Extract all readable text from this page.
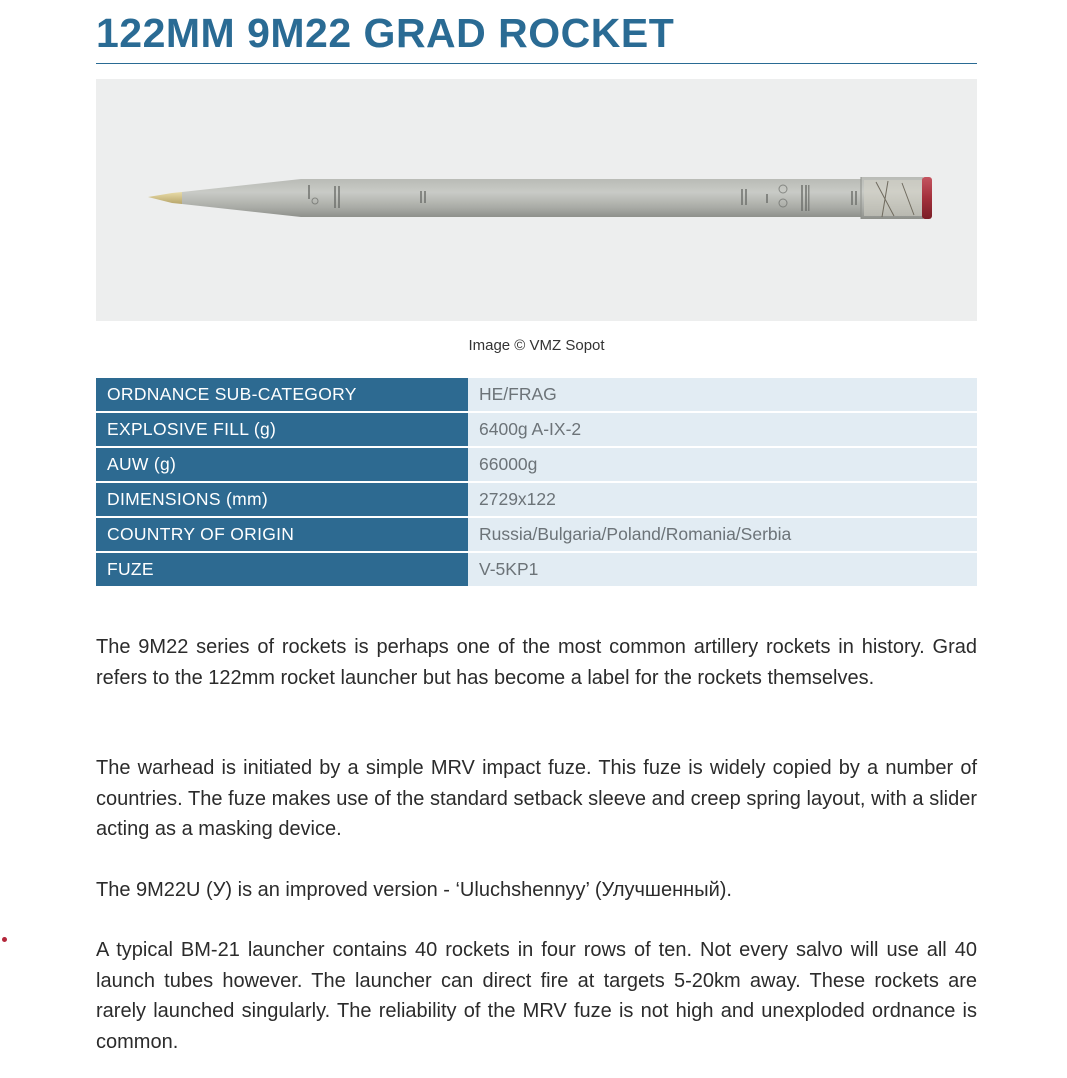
122MM 9M22 GRAD ROCKET
Image © VMZ Sopot
ORDNANCE SUB-CATEGORY	HE/FRAG
EXPLOSIVE FILL (g)	6400g A-IX-2
AUW (g)	66000g
DIMENSIONS (mm)	2729x122
COUNTRY OF ORIGIN	Russia/Bulgaria/Poland/Romania/Serbia
FUZE	V-5KP1

The 9M22 series of rockets is perhaps one of the most common artillery rockets in history. Grad refers to the 122mm rocket launcher but has become a label for the rockets themselves.

The warhead is initiated by a simple MRV impact fuze. This fuze is widely copied by a number of countries. The fuze makes use of the standard setback sleeve and creep spring layout, with a slider acting as a masking device.

The 9M22U (У) is an improved version - ‘Uluchshennyy’ (Улучшенный).

A typical BM-21 launcher contains 40 rockets in four rows of ten. Not every salvo will use all 40 launch tubes however. The launcher can direct fire at targets 5-20km away. These rockets are rarely launched singularly. The reliability of the MRV fuze is not high and unexploded ordnance is common.
